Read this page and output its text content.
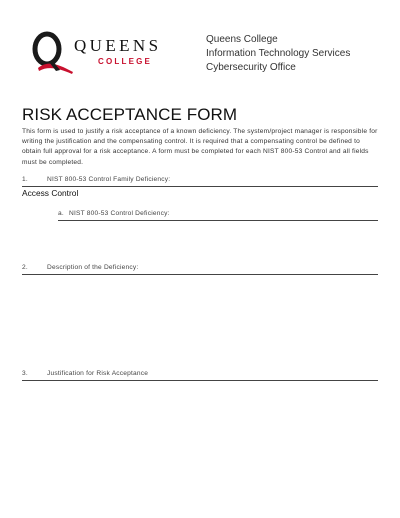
QUEENS
COLLEGE
Queens College
Information Technology Services
Cybersecurity Office
RISK ACCEPTANCE FORM
This form is used to justify a risk acceptance of a known deficiency. The system/project manager is responsible for writing the justification and the compensating control. It is required that a compensating control be defined to obtain full approval for a risk acceptance. A form must be completed for each NIST 800-53 Control and all fields must be completed.
1.	NIST 800-53 Control Family Deficiency:
Access Control
a. NIST 800-53 Control Deficiency:
2.	Description of the Deficiency:
3.	Justification for Risk Acceptance
